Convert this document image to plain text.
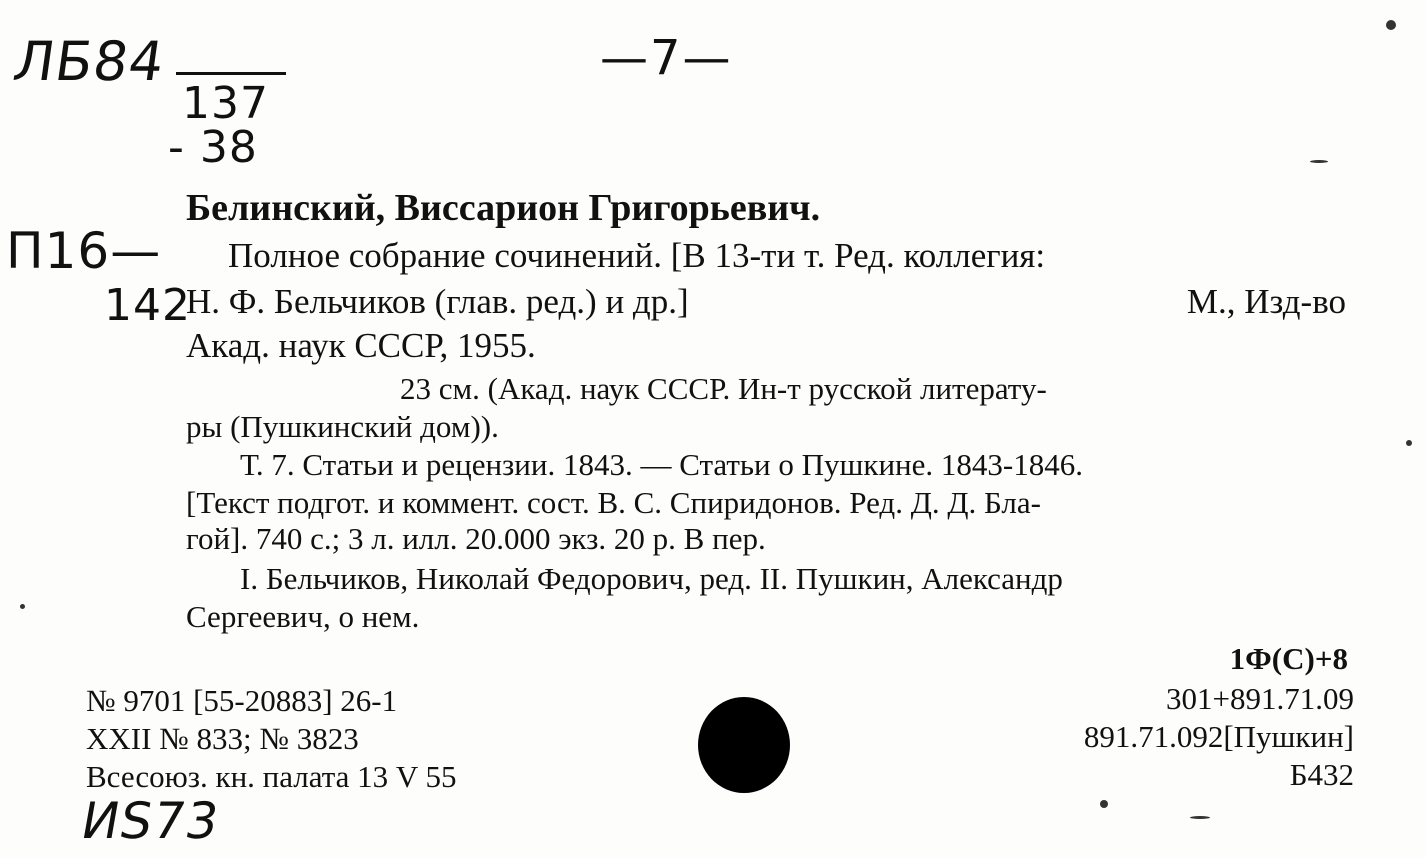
ЛБ84
137
- 38
—7—
П16—
142
ИS73
Белинский, Виссарион Григорьевич.
Полное собрание сочинений. [В 13-ти т. Ред. коллегия:
Н. Ф. Бельчиков (глав. ред.) и др.]	М., Изд-во
Акад. наук СССР, 1955.
23 см. (Акад. наук СССР. Ин-т русской литерату-
ры (Пушкинский дом)).
Т. 7. Статьи и рецензии. 1843. — Статьи о Пушкине. 1843-1846.
[Текст подгот. и коммент. сост. В. С. Спиридонов. Ред. Д. Д. Бла-
гой]. 740 с.; 3 л. илл. 20.000 экз. 20 р. В пер.
I. Бельчиков, Николай Федорович, ред. II. Пушкин, Александр
Сергеевич, о нем.
№ 9701 [55-20883] 26-1
XXII № 833; № 3823
Всесоюз. кн. палата 13 V 55
1Ф(С)+8
301+891.71.09
891.71.092[Пушкин]
Б432
